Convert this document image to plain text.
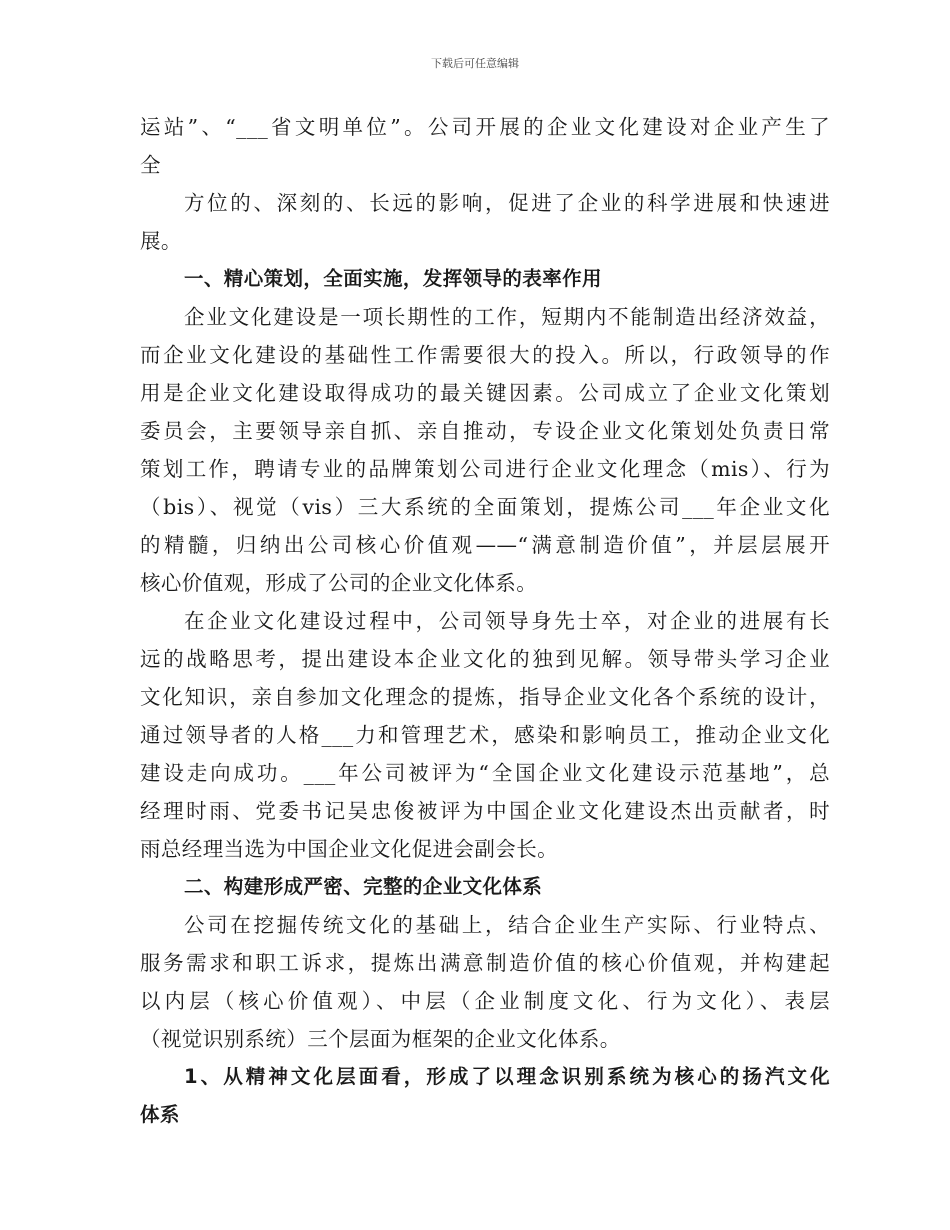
下载后可任意编辑
运站”、“___省文明单位”。公司开展的企业文化建设对企业产生了
全
方位的、深刻的、长远的影响，促进了企业的科学进展和快速进
展。
一、精心策划，全面实施，发挥领导的表率作用
企业文化建设是一项长期性的工作，短期内不能制造出经济效益，
而企业文化建设的基础性工作需要很大的投入。所以，行政领导的作
用是企业文化建设取得成功的最关键因素。公司成立了企业文化策划
委员会，主要领导亲自抓、亲自推动，专设企业文化策划处负责日常
策划工作，聘请专业的品牌策划公司进行企业文化理念（mis）、行为
（bis）、视觉（vis）三大系统的全面策划，提炼公司___年企业文化
的精髓，归纳出公司核心价值观——“满意制造价值”，并层层展开
核心价值观，形成了公司的企业文化体系。
在企业文化建设过程中，公司领导身先士卒，对企业的进展有长
远的战略思考，提出建设本企业文化的独到见解。领导带头学习企业
文化知识，亲自参加文化理念的提炼，指导企业文化各个系统的设计，
通过领导者的人格___力和管理艺术，感染和影响员工，推动企业文化
建设走向成功。___年公司被评为“全国企业文化建设示范基地”，总
经理时雨、党委书记吴忠俊被评为中国企业文化建设杰出贡献者，时
雨总经理当选为中国企业文化促进会副会长。
二、构建形成严密、完整的企业文化体系
公司在挖掘传统文化的基础上，结合企业生产实际、行业特点、
服务需求和职工诉求，提炼出满意制造价值的核心价值观，并构建起
以内层（核心价值观）、中层（企业制度文化、行为文化）、表层
（视觉识别系统）三个层面为框架的企业文化体系。
1、从精神文化层面看，形成了以理念识别系统为核心的扬汽文化
体系
